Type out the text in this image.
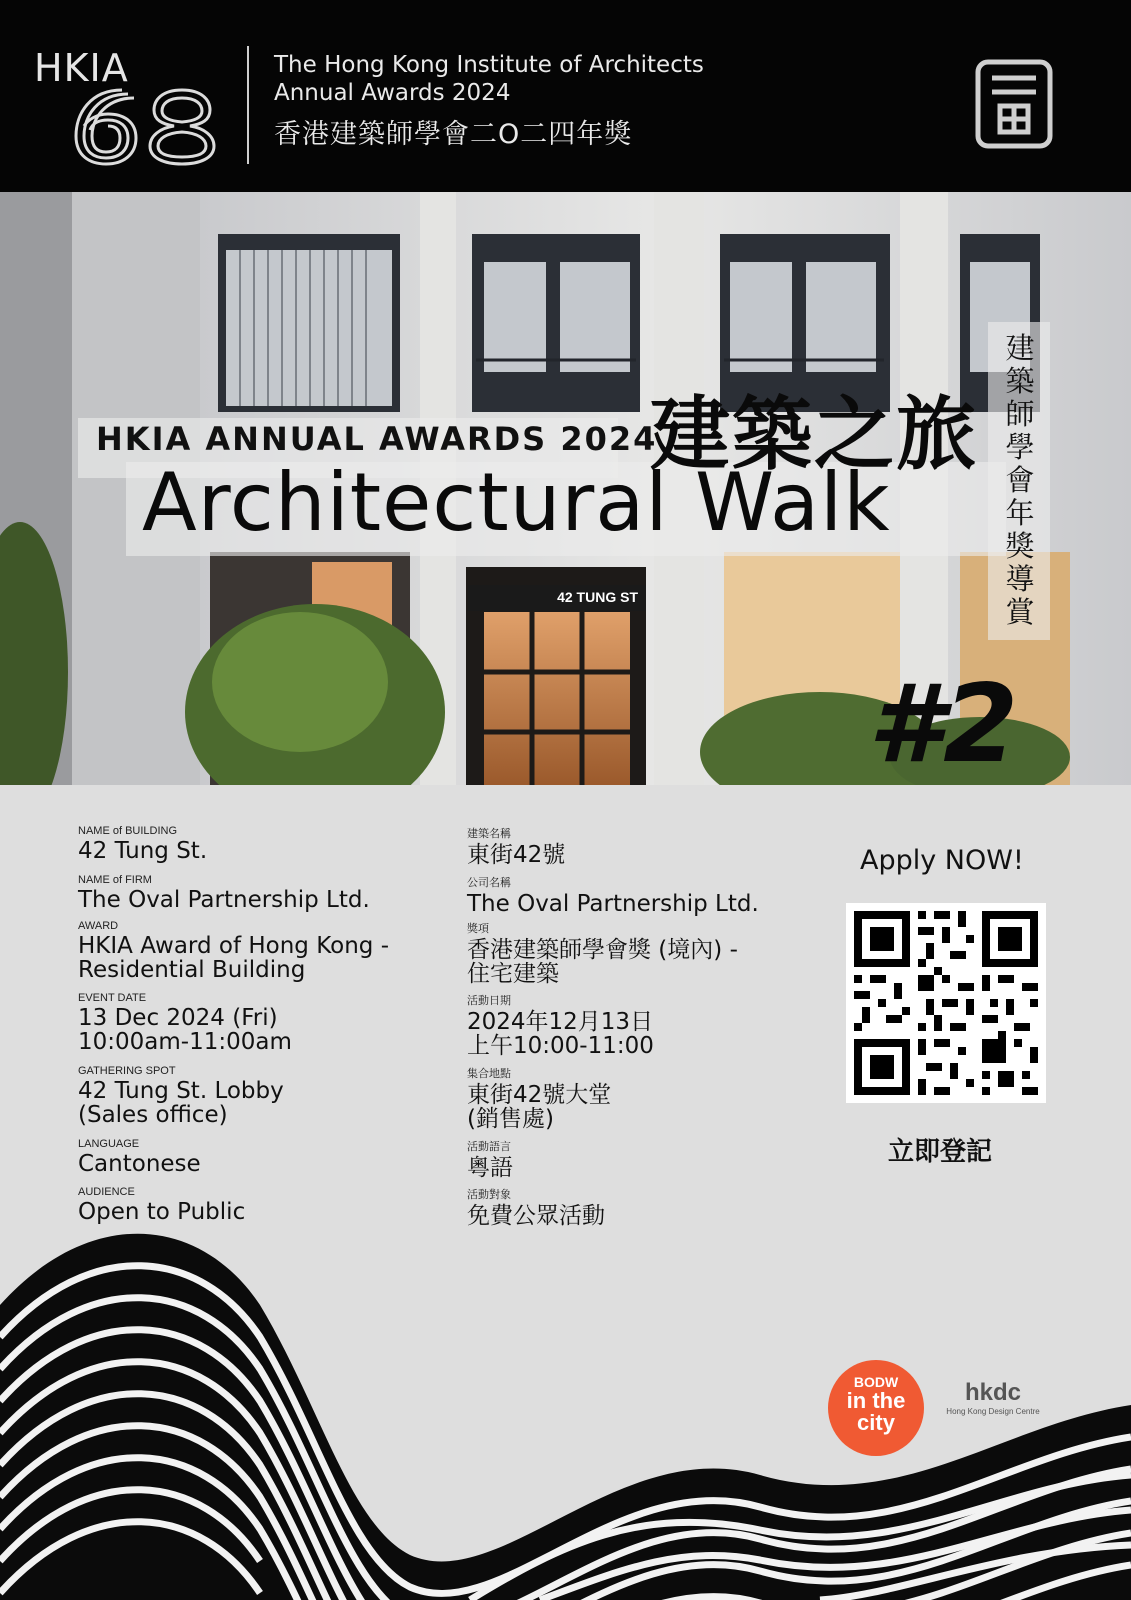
HKIA	The Hong Kong Institute of Architects
Annual Awards 2024
香港建築師學會二O二四年獎
42 TUNG ST
HKIA ANNUAL AWARDS 2024
建築之旅
Architectural Walk
建築師學會年獎導賞
#2
NAME of BUILDING
42 Tung St.
NAME of FIRM
The Oval Partnership Ltd.
AWARD
HKIA Award of Hong Kong -
Residential Building
EVENT DATE
13 Dec 2024 (Fri)
10:00am-11:00am
GATHERING SPOT
42 Tung St. Lobby
(Sales office)
LANGUAGE
Cantonese
AUDIENCE
Open to Public
建築名稱
東街42號
公司名稱
The Oval Partnership Ltd.
獎項
香港建築師學會獎 (境內) -
住宅建築
活動日期
2024年12月13日
上午10:00-11:00
集合地點
東街42號大堂
(銷售處)
活動語言
粵語
活動對象
免費公眾活動
Apply NOW!
立即登記
BODW
in the
city
hkdc
Hong Kong Design Centre
